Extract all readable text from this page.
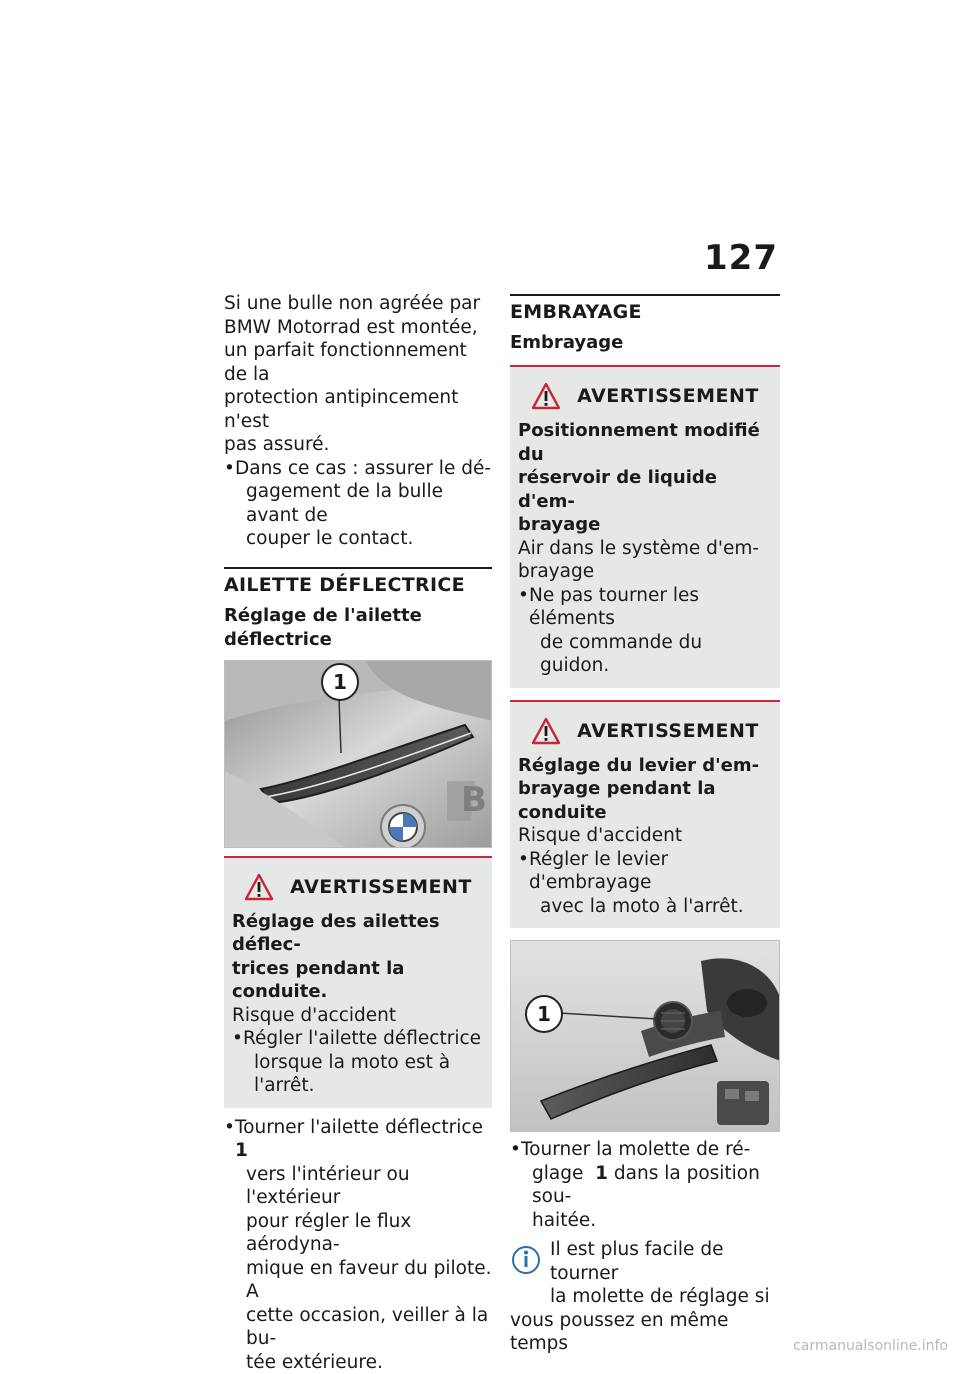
127

Si une bulle non agréée par

BMW Motorrad est montée,

un parfait fonctionnement de la

protection antipincement n'est

pas assuré.

• Dans ce cas : assurer le dé-
gagement de la bulle avant de
couper le contact.

AILETTE DÉFLECTRICE
Réglage de l'ailette déflectrice
B
1
AVERTISSEMENT
Réglage des ailettes déflec-
trices pendant la conduite.

Risque d'accident

• Régler l'ailette déflectrice
lorsque la moto est à l'arrêt.

• Tourner l'ailette déflectrice 1
vers l'intérieur ou l'extérieur
pour régler le flux aérodyna-
mique en faveur du pilote. A
cette occasion, veiller à la bu-
tée extérieure.

EMBRAYAGE
Embrayage
AVERTISSEMENT
Positionnement modifié du
réservoir de liquide d'em-
brayage

Air dans le système d'em-

brayage

• Ne pas tourner les éléments
de commande du guidon.

AVERTISSEMENT
Réglage du levier d'em-
brayage pendant la conduite

Risque d'accident

• Régler le levier d'embrayage
avec la moto à l'arrêt.

1

• Tourner la molette de ré-
glage 1 dans la position sou-
haitée.

Il est plus facile de tourner

la molette de réglage si

vous poussez en même temps	carmanualsonline.info
